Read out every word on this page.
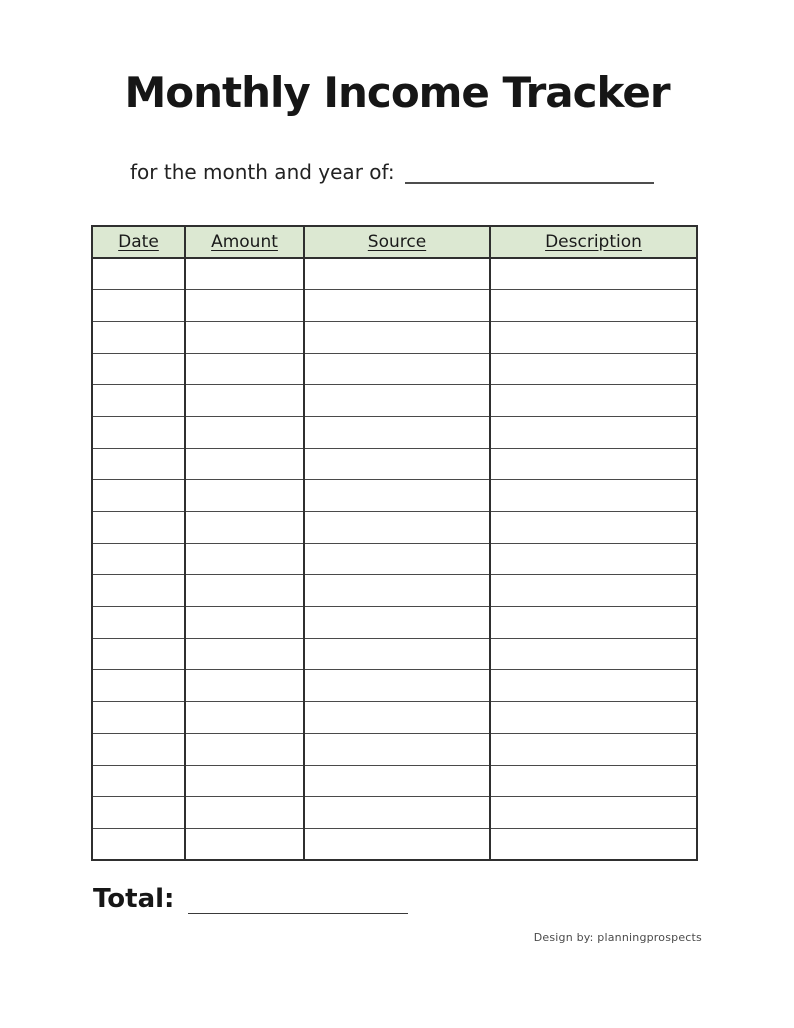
Monthly Income Tracker
for the month and year of:
Date	Amount	Source	Description

Total:
Design by: planningprospects
